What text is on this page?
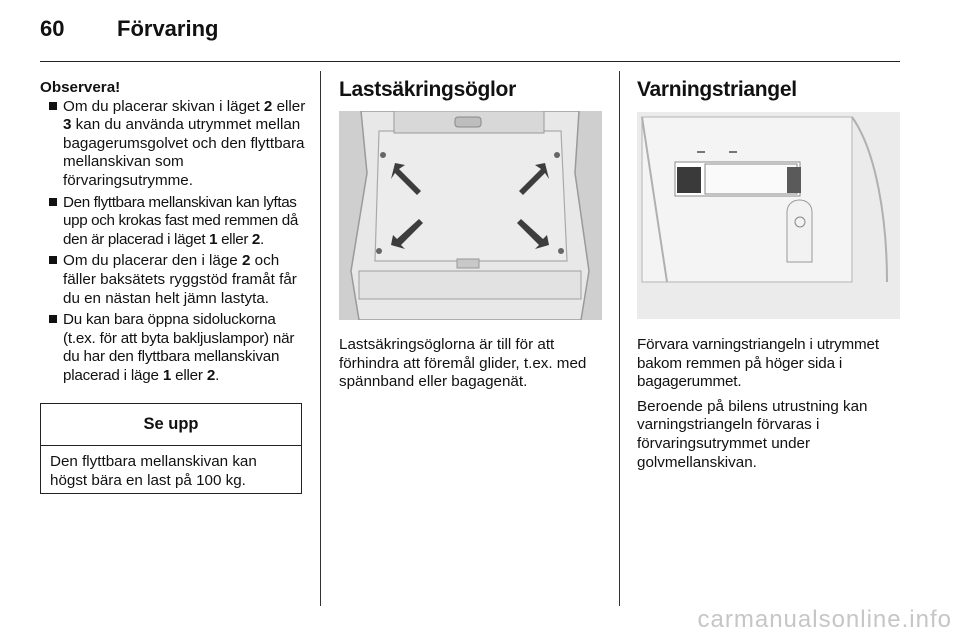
60 Förvaring
Observera!

Om du placerar skivan i läget 2 eller 3 kan du använda utrymmet mellan bagagerumsgolvet och den flyttbara mellanskivan som förvaringsutrymme.

Den flyttbara mellanskivan kan lyftas upp och krokas fast med remmen då den är placerad i läget 1 eller 2.

Om du placerar den i läge 2 och fäller baksätets ryggstöd framåt får du en nästan helt jämn lastyta.

Du kan bara öppna sidoluckorna (t.ex. för att byta bakljuslampor) när du har den flyttbara mellanskivan placerad i läge 1 eller 2.

Se upp
Den flyttbara mellanskivan kan högst bära en last på 100 kg.
Lastsäkringsöglor
Lastsäkringsöglorna är till för att förhindra att föremål glider, t.ex. med spännband eller bagagenät.
Varningstriangel

Förvara varningstriangeln i utrymmet bakom remmen på höger sida i bagagerummet.

Beroende på bilens utrustning kan varningstriangeln förvaras i förvaringsutrymmet under golvmellanskivan.

carmanualsonline.info
